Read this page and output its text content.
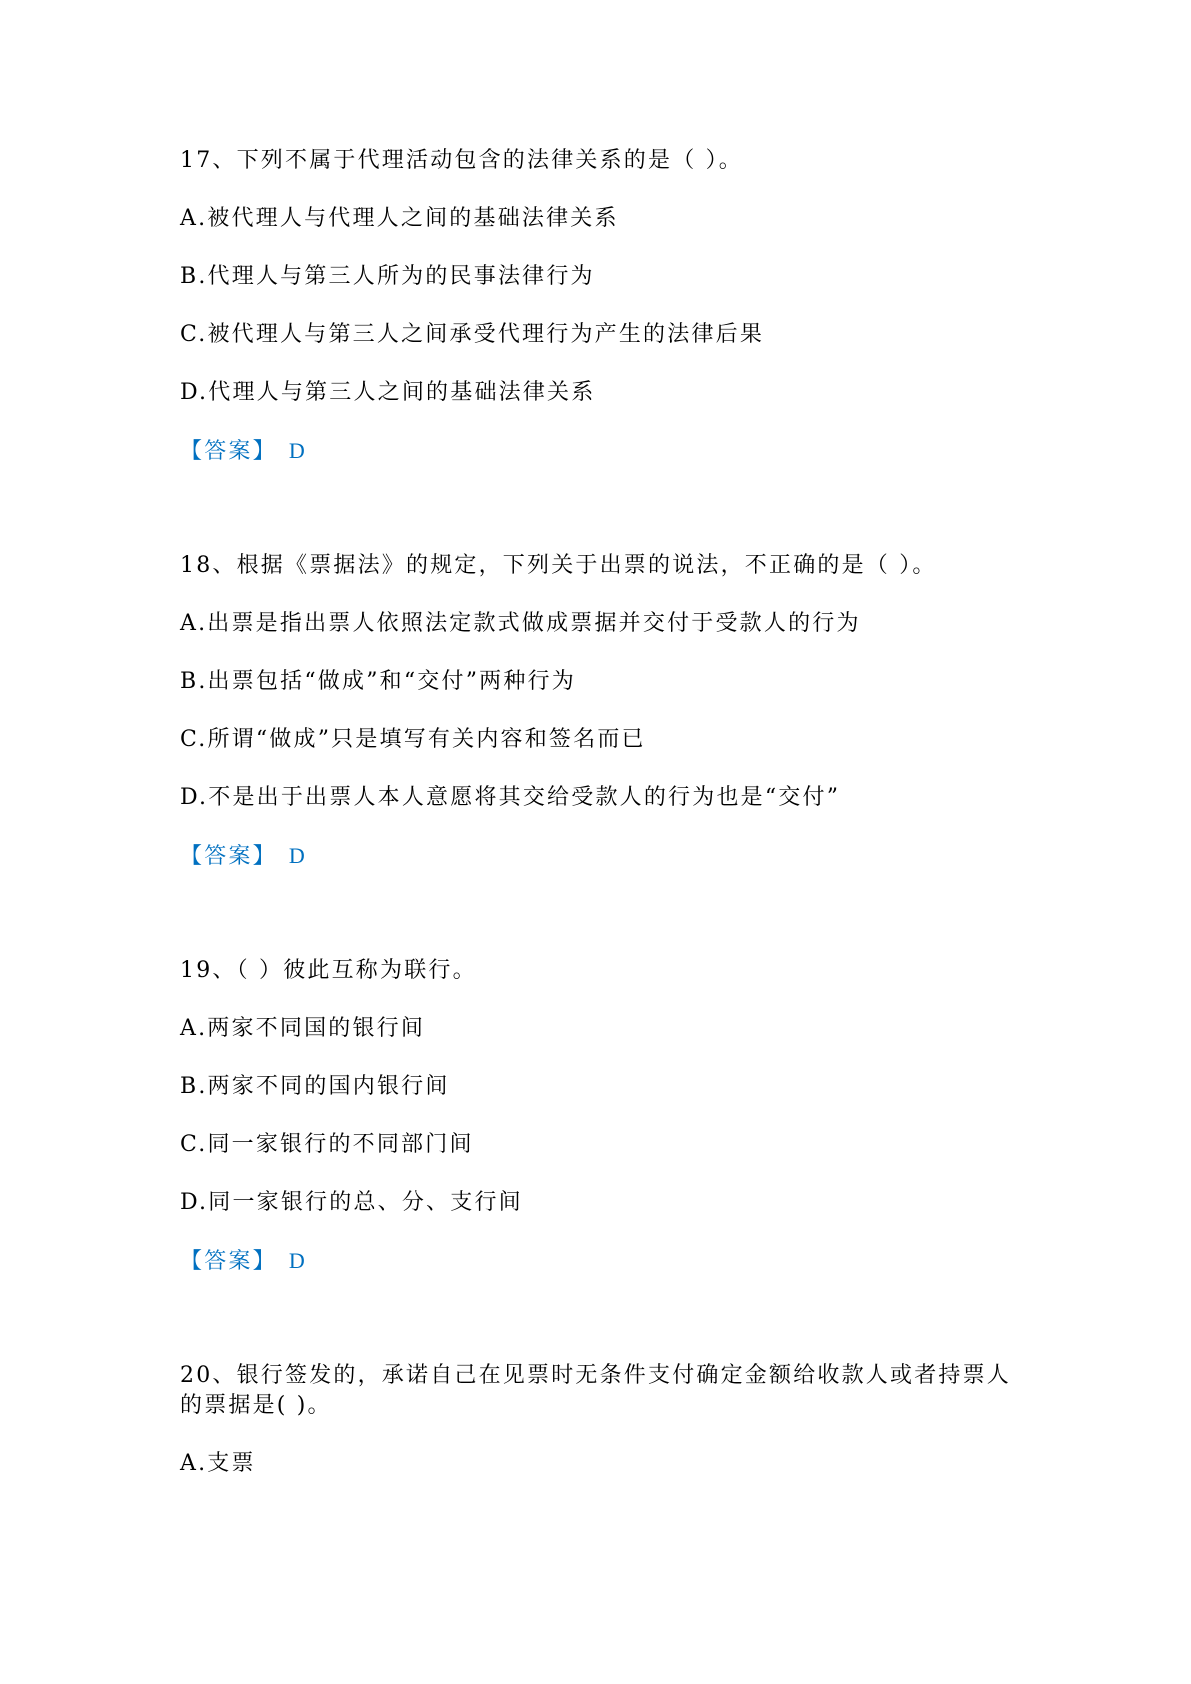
17、下列不属于代理活动包含的法律关系的是（ ）。
A.被代理人与代理人之间的基础法律关系
B.代理人与第三人所为的民事法律行为
C.被代理人与第三人之间承受代理行为产生的法律后果
D.代理人与第三人之间的基础法律关系
【答案】 D
18、根据《票据法》的规定，下列关于出票的说法，不正确的是（ ）。
A.出票是指出票人依照法定款式做成票据并交付于受款人的行为
B.出票包括“做成”和“交付”两种行为
C.所谓“做成”只是填写有关内容和签名而已
D.不是出于出票人本人意愿将其交给受款人的行为也是“交付”
【答案】 D
19、（ ）彼此互称为联行。
A.两家不同国的银行间
B.两家不同的国内银行间
C.同一家银行的不同部门间
D.同一家银行的总、分、支行间
【答案】 D
20、银行签发的，承诺自己在见票时无条件支付确定金额给收款人或者持票人
的票据是( )。
A.支票
